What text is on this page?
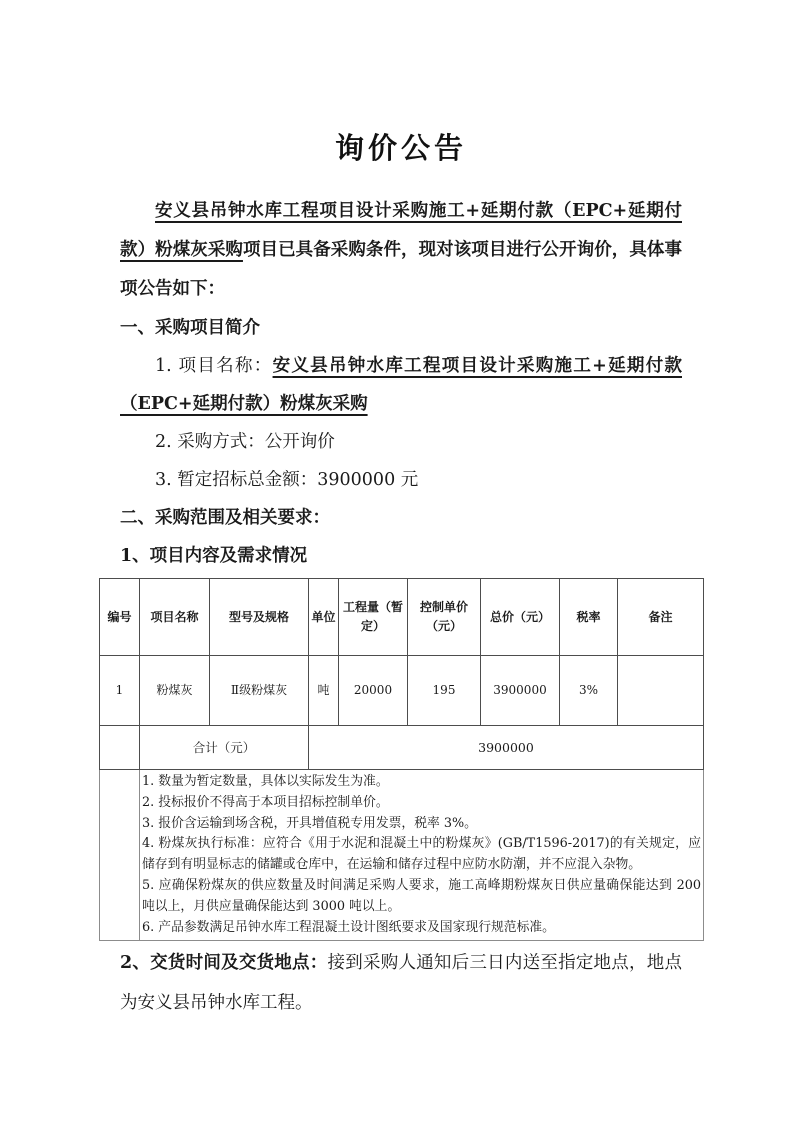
询价公告

安义县吊钟水库工程项目设计采购施工+延期付款（EPC+延期付款）粉煤灰采购项目已具备采购条件，现对该项目进行公开询价，具体事项公告如下：

一、采购项目简介

1. 项目名称：安义县吊钟水库工程项目设计采购施工+延期付款（EPC+延期付款）粉煤灰采购

2. 采购方式：公开询价
3. 暂定招标总金额：3900000 元
二、采购范围及相关要求：
1、项目内容及需求情况
编号	项目名称	型号及规格	单位	工程量（暂定）	控制单价（元）	总价（元）	税率	备注
1	粉煤灰	Ⅱ级粉煤灰	吨	20000	195	3900000	3%	
	合计（元）		3900000					

1. 数量为暂定数量，具体以实际发生为准。
2. 投标报价不得高于本项目招标控制单价。
3. 报价含运输到场含税，开具增值税专用发票，税率 3%。
4. 粉煤灰执行标准：应符合《用于水泥和混凝土中的粉煤灰》(GB/T1596-2017)的有关规定，应储存到有明显标志的储罐或仓库中，在运输和储存过程中应防水防潮，并不应混入杂物。
5. 应确保粉煤灰的供应数量及时间满足采购人要求，施工高峰期粉煤灰日供应量确保能达到 200 吨以上，月供应量确保能达到 3000 吨以上。
6. 产品参数满足吊钟水库工程混凝土设计图纸要求及国家现行规范标准。

2、交货时间及交货地点：接到采购人通知后三日内送至指定地点，地点为安义县吊钟水库工程。
